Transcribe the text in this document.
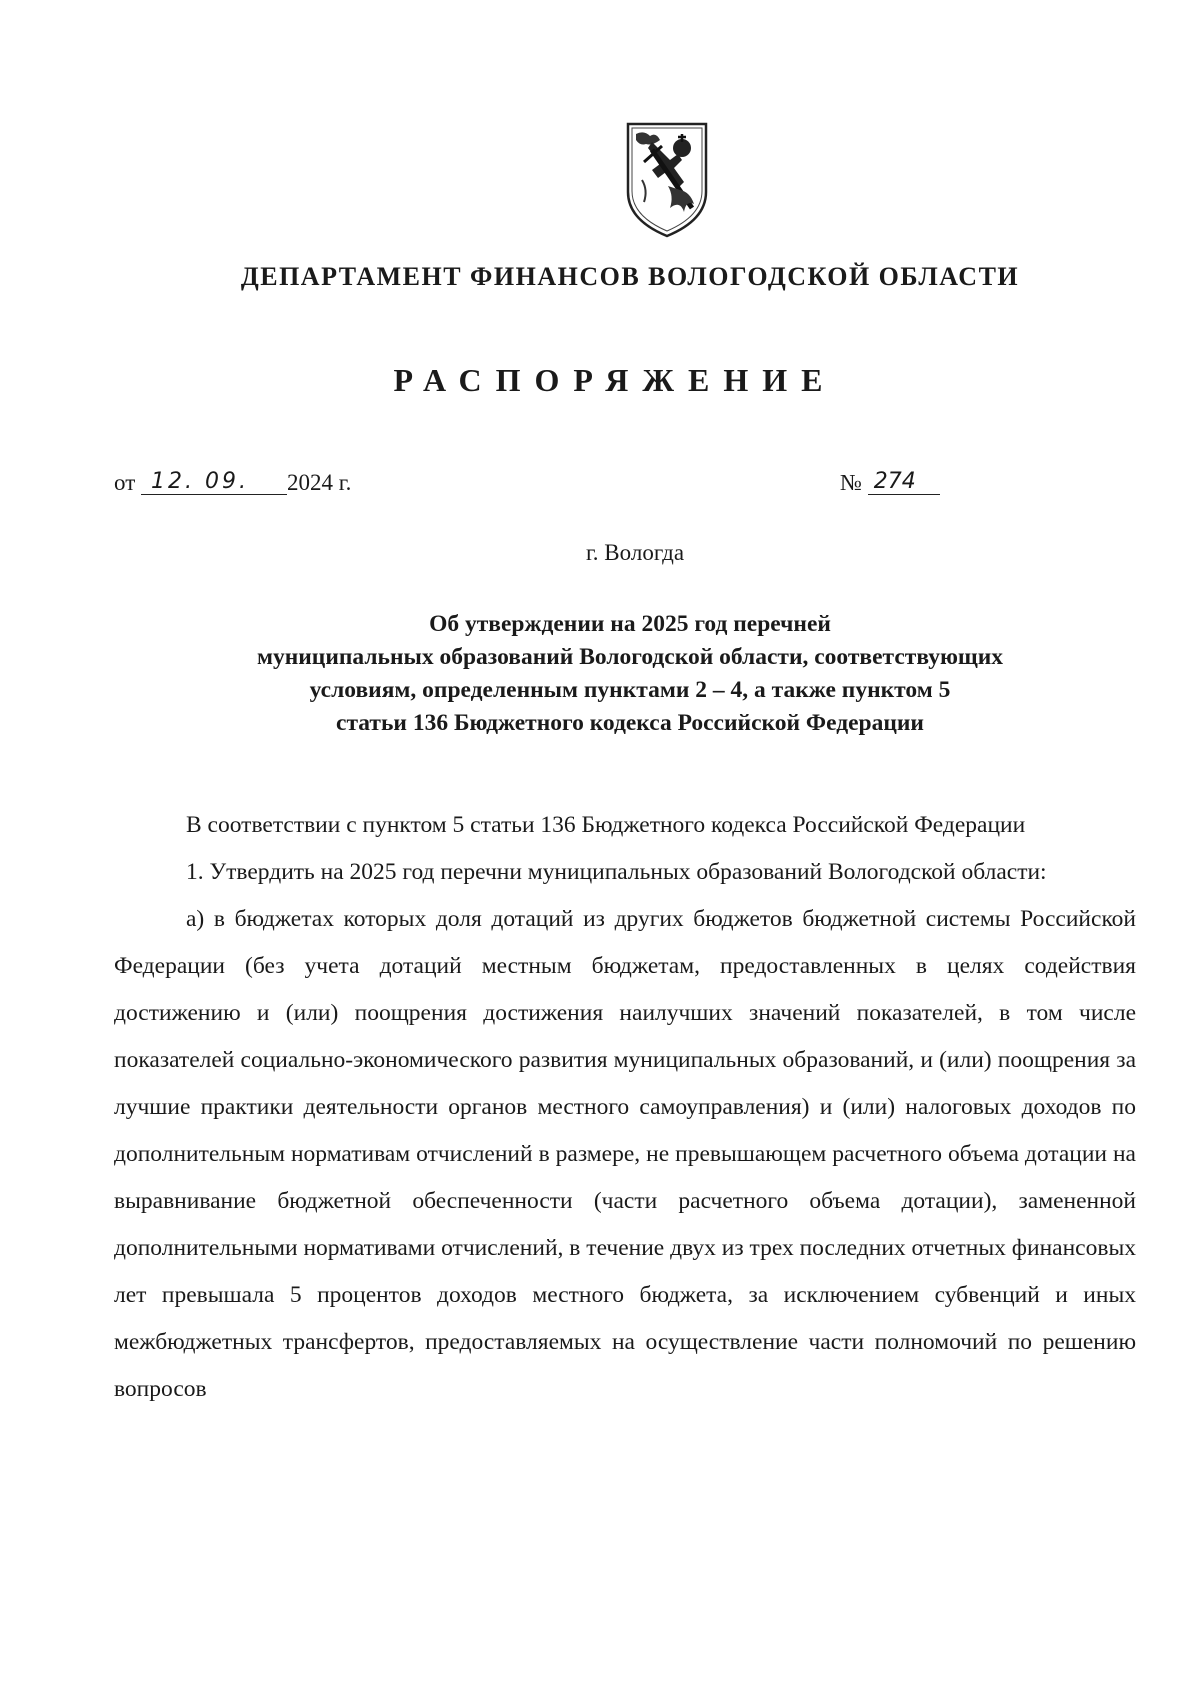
ДЕПАРТАМЕНТ ФИНАНСОВ ВОЛОГОДСКОЙ ОБЛАСТИ
РАСПОРЯЖЕНИЕ
от 12. 09. 2024 г.	№ 274
г. Вологда
Об утверждении на 2025 год перечней
муниципальных образований Вологодской области, соответствующих
условиям, определенным пунктами 2 – 4, а также пунктом 5
статьи 136 Бюджетного кодекса Российской Федерации

В соответствии с пунктом 5 статьи 136 Бюджетного кодекса Российской Федерации

1. Утвердить на 2025 год перечни муниципальных образований Вологодской области:

а) в бюджетах которых доля дотаций из других бюджетов бюджетной системы Российской Федерации (без учета дотаций местным бюджетам, предоставленных в целях содействия достижению и (или) поощрения достижения наилучших значений показателей, в том числе показателей социально-экономического развития муниципальных образований, и (или) поощрения за лучшие практики деятельности органов местного самоуправления) и (или) налоговых доходов по дополнительным нормативам отчислений в размере, не превышающем расчетного объема дотации на выравнивание бюджетной обеспеченности (части расчетного объема дотации), замененной дополнительными нормативами отчислений, в течение двух из трех последних отчетных финансовых лет превышала 5 процентов доходов местного бюджета, за исключением субвенций и иных межбюджетных трансфертов, предоставляемых на осуществление части полномочий по решению вопросов
